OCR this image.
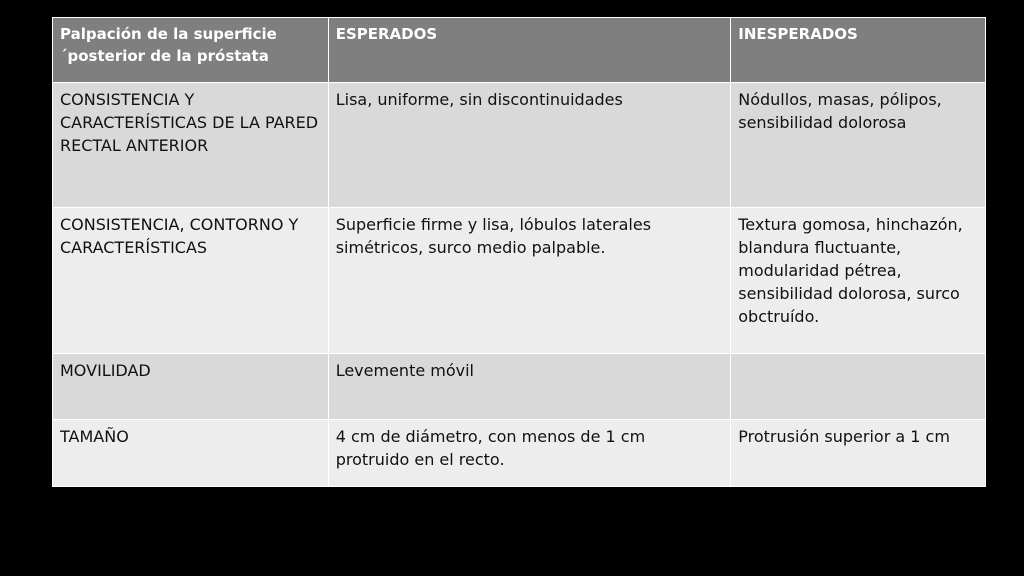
Palpación de la superficie
´posterior de la próstata	ESPERADOS	INESPERADOS
CONSISTENCIA Y CARACTERÍSTICAS DE LA PARED RECTAL ANTERIOR	Lisa, uniforme, sin discontinuidades	Nódullos, masas, pólipos, sensibilidad dolorosa
CONSISTENCIA, CONTORNO Y CARACTERÍSTICAS	Superficie firme y lisa, lóbulos laterales simétricos, surco medio palpable.	Textura gomosa, hinchazón, blandura fluctuante, modularidad pétrea, sensibilidad dolorosa, surco obctruído.
MOVILIDAD	Levemente móvil	
TAMAÑO	4 cm de diámetro, con menos de 1 cm protruido en el recto.	Protrusión superior a 1 cm
